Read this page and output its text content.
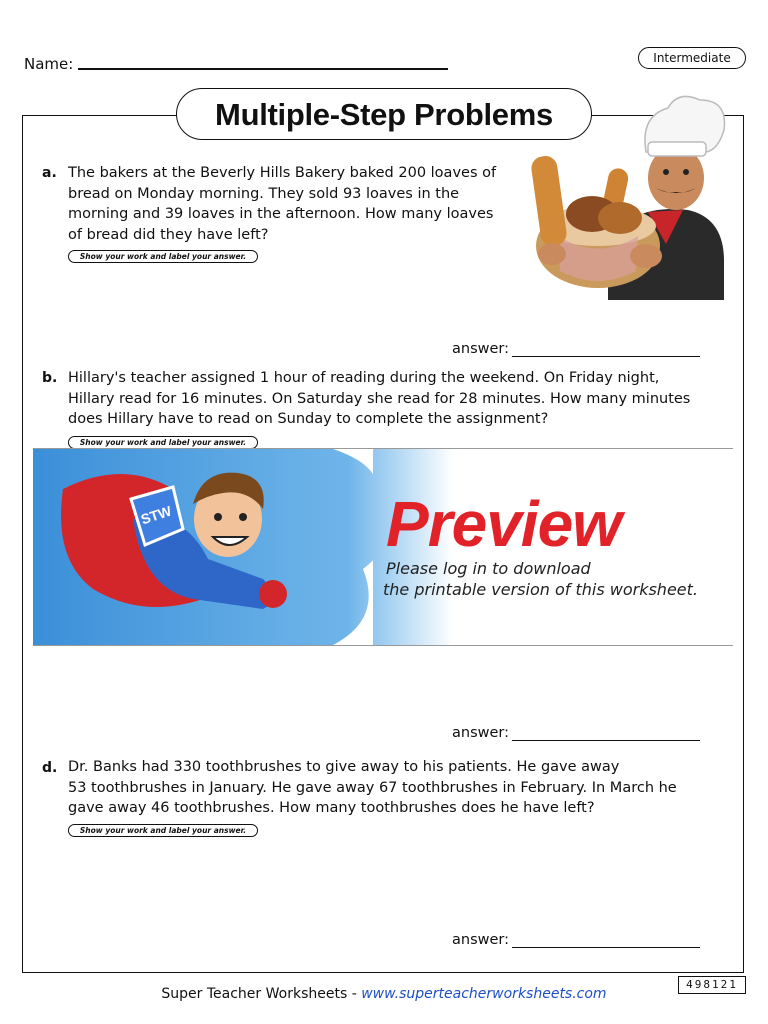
Name:	Intermediate
Multiple-Step Problems
a. The bakers at the Beverly Hills Bakery baked 200 loaves of
bread on Monday morning. They sold 93 loaves in the
morning and 39 loaves in the afternoon. How many loaves
of bread did they have left?
Show your work and label your answer.
answer:
b. Hillary's teacher assigned 1 hour of reading during the weekend. On Friday night,
Hillary read for 16 minutes. On Saturday she read for 28 minutes. How many minutes
does Hillary have to read on Sunday to complete the assignment?
Show your work and label your answer.
STW	Preview
Please log in to download
the printable version of this worksheet.
answer:
d. Dr. Banks had 330 toothbrushes to give away to his patients. He gave away
53 toothbrushes in January. He gave away 67 toothbrushes in February. In March he
gave away 46 toothbrushes. How many toothbrushes does he have left?
Show your work and label your answer.
answer:
498121
Super Teacher Worksheets - www.superteacherworksheets.com
